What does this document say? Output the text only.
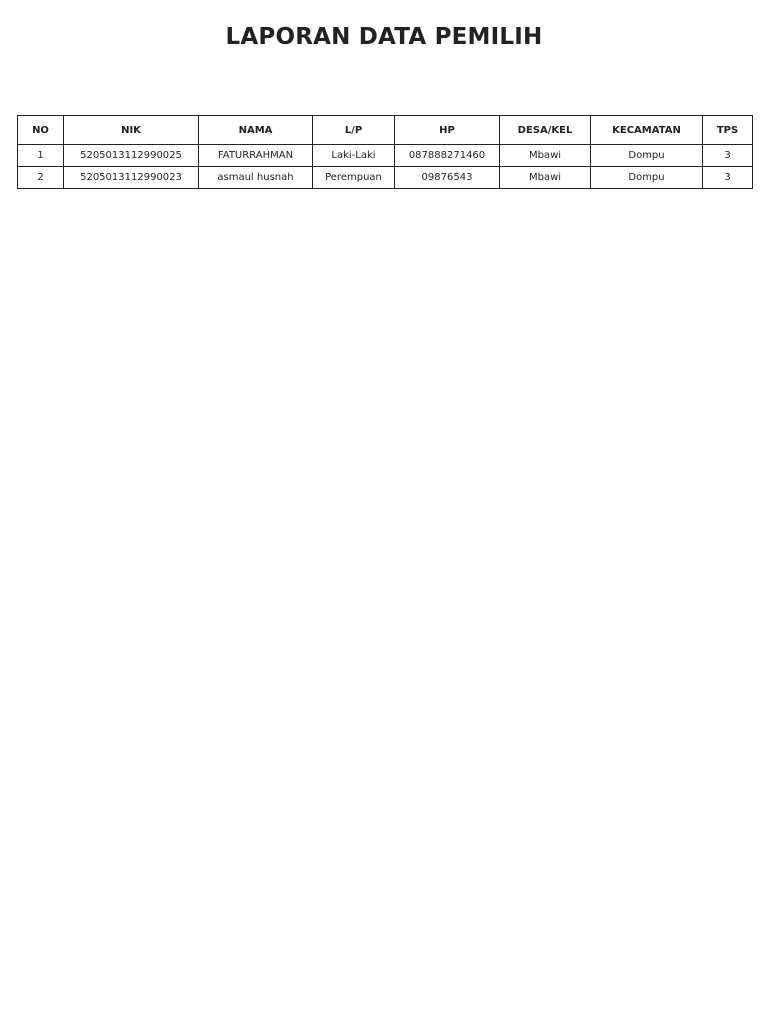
LAPORAN DATA PEMILIH
NO	NIK	NAMA	L/P	HP	DESA/KEL	KECAMATAN	TPS
1	5205013112990025	FATURRAHMAN	Laki-Laki	087888271460	Mbawi	Dompu	3
2	5205013112990023	asmaul husnah	Perempuan	09876543	Mbawi	Dompu	3
